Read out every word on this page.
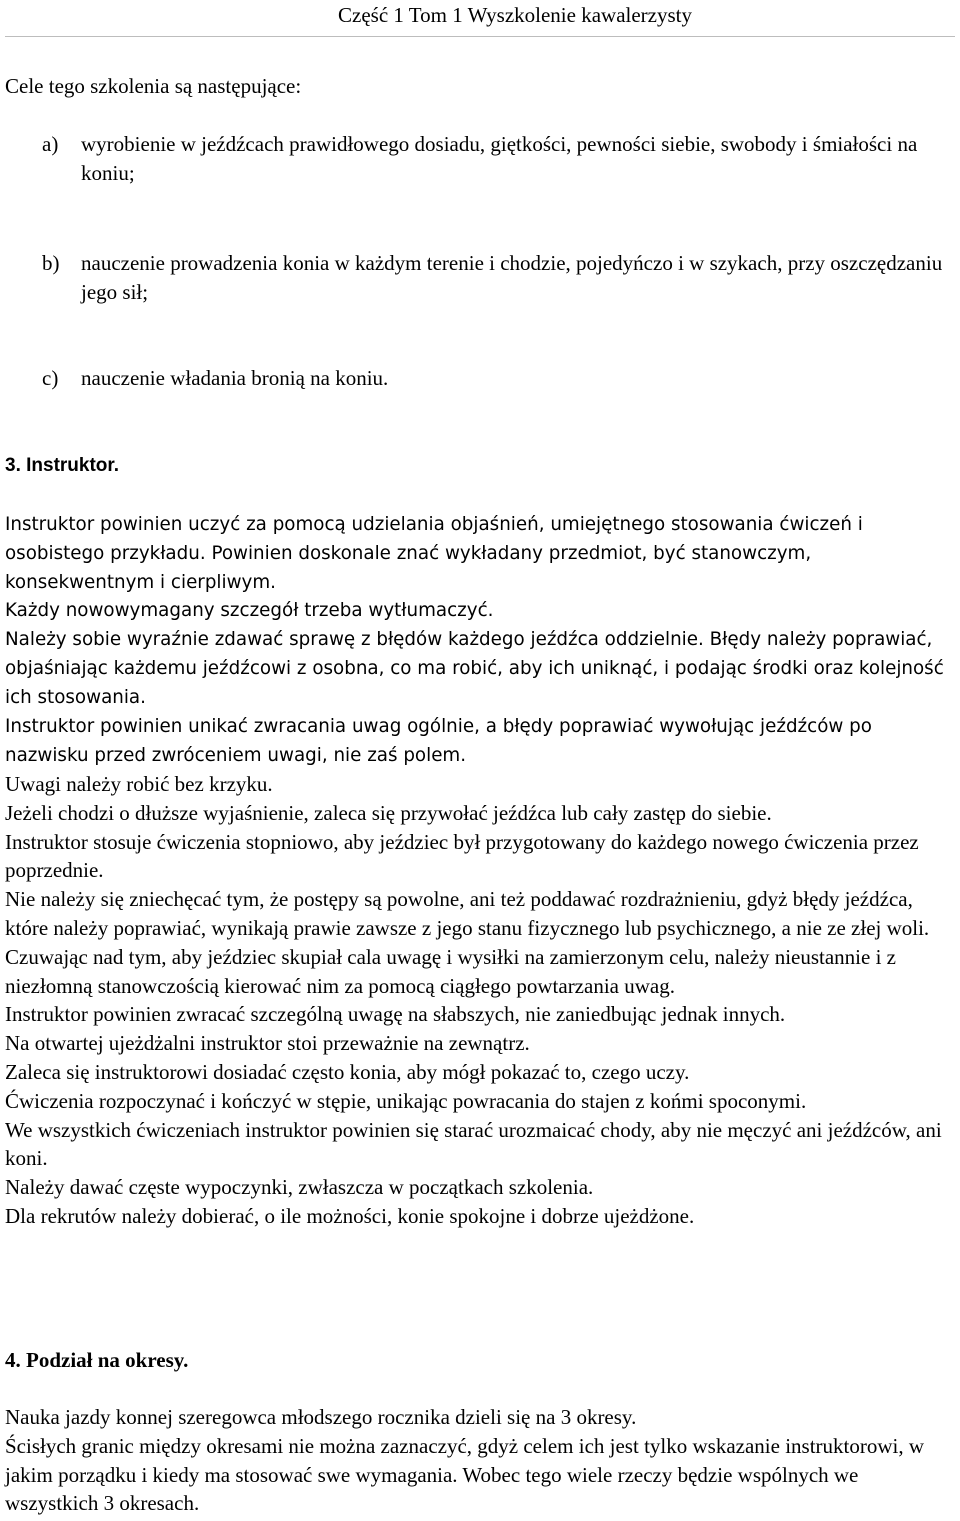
Część 1 Tom 1 Wyszkolenie kawalerzysty
Cele tego szkolenia są następujące:
a)	wyrobienie w jeźdźcach prawidłowego dosiadu, giętkości, pewności siebie, swobody i śmiałości na koniu;
b)	nauczenie prowadzenia konia w każdym terenie i chodzie, pojedyńczo i w szykach, przy oszczędzaniu jego sił;
c)	nauczenie władania bronią na koniu.
3. Instruktor.

Instruktor powinien uczyć za pomocą udzielania objaśnień, umiejętnego stosowania ćwiczeń i osobistego przykładu. Powinien doskonale znać wykładany przedmiot, być stanowczym, konsekwentnym i cierpliwym.

Każdy nowowymagany szczegół trzeba wytłumaczyć.

Należy sobie wyraźnie zdawać sprawę z błędów każdego jeźdźca oddzielnie. Błędy należy poprawiać, objaśniając każdemu jeźdźcowi z osobna, co ma robić, aby ich uniknąć, i podając środki oraz kolejność ich stosowania.

Instruktor powinien unikać zwracania uwag ogólnie, a błędy poprawiać wywołując jeźdźców po nazwisku przed zwróceniem uwagi, nie zaś polem.

Uwagi należy robić bez krzyku.

Jeżeli chodzi o dłuższe wyjaśnienie, zaleca się przywołać jeźdźca lub cały zastęp do siebie.

Instruktor stosuje ćwiczenia stopniowo, aby jeździec był przygotowany do każdego nowego ćwiczenia przez poprzednie.

Nie należy się zniechęcać tym, że postępy są powolne, ani też poddawać rozdrażnieniu, gdyż błędy jeźdźca, które należy poprawiać, wynikają prawie zawsze z jego stanu fizycznego lub psychicznego, a nie ze złej woli.

Czuwając nad tym, aby jeździec skupiał cala uwagę i wysiłki na zamierzonym celu, należy nieustannie i z niezłomną stanowczością kierować nim za pomocą ciągłego powtarzania uwag.

Instruktor powinien zwracać szczególną uwagę na słabszych, nie zaniedbując jednak innych.

Na otwartej ujeżdżalni instruktor stoi przeważnie na zewnątrz.

Zaleca się instruktorowi dosiadać często konia, aby mógł pokazać to, czego uczy.

Ćwiczenia rozpoczynać i kończyć w stępie, unikając powracania do stajen z końmi spoconymi.

We wszystkich ćwiczeniach instruktor powinien się starać urozmaicać chody, aby nie męczyć ani jeźdźców, ani koni.

Należy dawać częste wypoczynki, zwłaszcza w początkach szkolenia.

Dla rekrutów należy dobierać, o ile możności, konie spokojne i dobrze ujeżdżone.

4. Podział na okresy.

Nauka jazdy konnej szeregowca młodszego rocznika dzieli się na 3 okresy.

Ścisłych granic między okresami nie można zaznaczyć, gdyż celem ich jest tylko wskazanie instruktorowi, w jakim porządku i kiedy ma stosować swe wymagania. Wobec tego wiele rzeczy będzie wspólnych we wszystkich 3 okresach.
